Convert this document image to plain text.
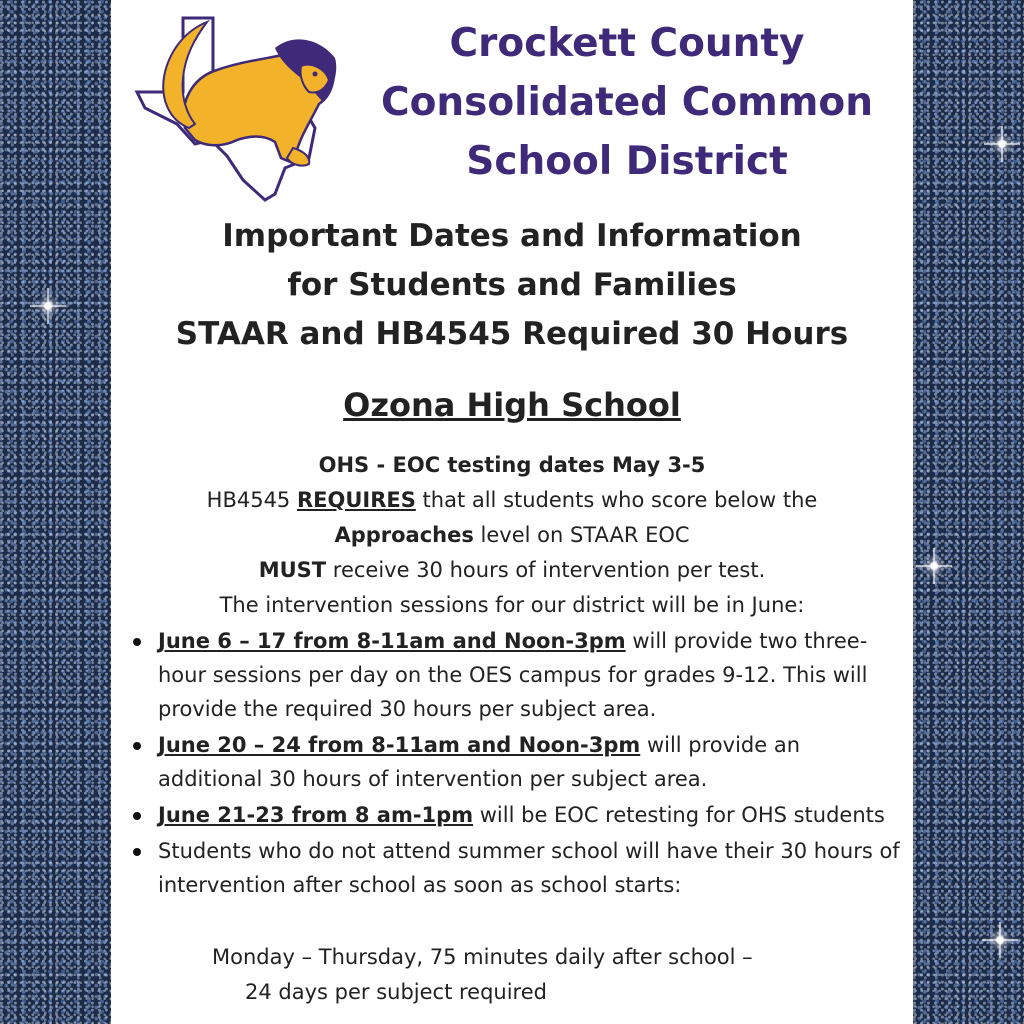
Crockett County
Consolidated Common
School District
Important Dates and Information
for Students and Families
STAAR and HB4545 Required 30 Hours
Ozona High School
OHS - EOC testing dates May 3-5
HB4545 REQUIRES that all students who score below the
Approaches level on STAAR EOC
MUST receive 30 hours of intervention per test.
The intervention sessions for our district will be in June:
June 6 – 17 from 8-11am and Noon-3pm will provide two three-hour sessions per day on the OES campus for grades 9-12. This will provide the required 30 hours per subject area.
June 20 – 24 from 8-11am and Noon-3pm will provide an additional 30 hours of intervention per subject area.
June 21-23 from 8 am-1pm will be EOC retesting for OHS students
Students who do not attend summer school will have their 30 hours of intervention after school as soon as school starts:
Monday – Thursday, 75 minutes daily after school –
24 days per subject required
